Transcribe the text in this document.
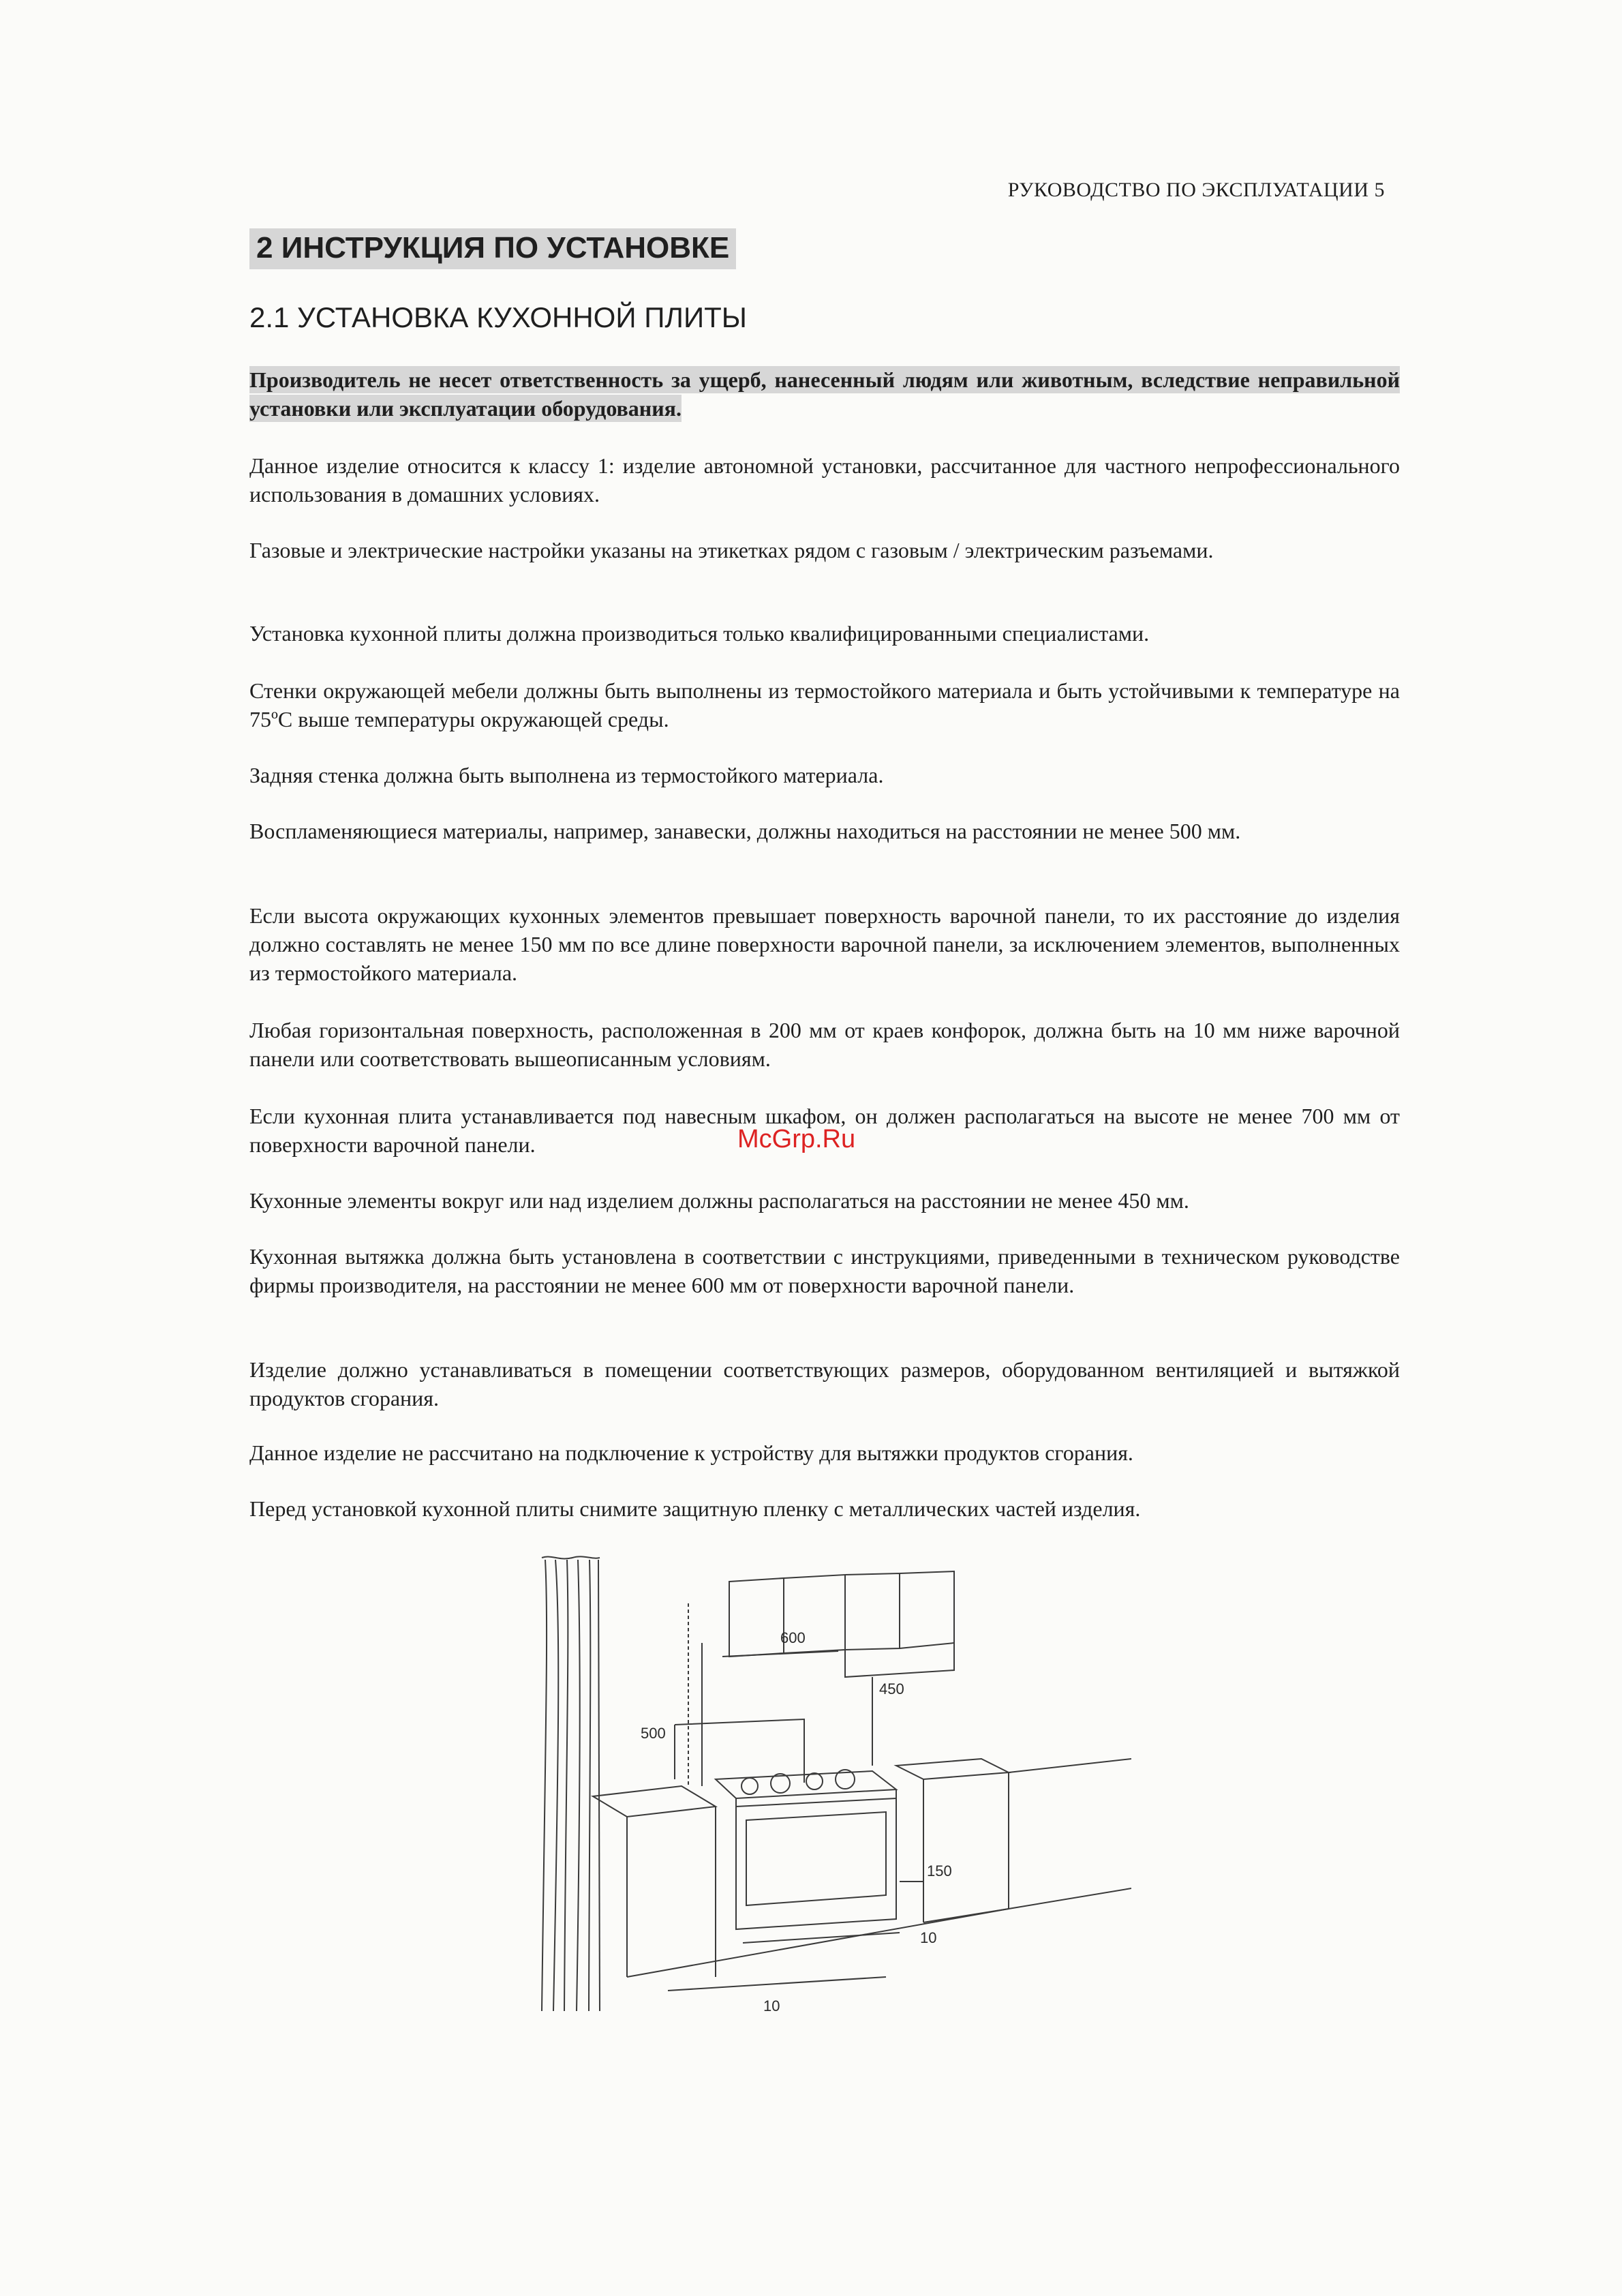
РУКОВОДСТВО ПО ЭКСПЛУАТАЦИИ 5
2 ИНСТРУКЦИЯ ПО УСТАНОВКЕ
2.1 УСТАНОВКА КУХОННОЙ ПЛИТЫ

Производитель не несет ответственность за ущерб, нанесенный людям или животным, вследствие неправильной установки или эксплуатации оборудования.

Данное изделие относится к классу 1: изделие автономной установки, рассчитанное для частного непрофессионального использования в домашних условиях.

Газовые и электрические настройки указаны на этикетках рядом с газовым / электрическим разъемами.

Установка кухонной плиты должна производиться только квалифицированными специалистами.

Стенки окружающей мебели должны быть выполнены из термостойкого материала и быть устойчивыми к температуре на 75ºС выше температуры окружающей среды.

Задняя стенка должна быть выполнена из термостойкого материала.

Воспламеняющиеся материалы, например, занавески, должны находиться на расстоянии не менее 500 мм.

Если высота окружающих кухонных элементов превышает поверхность варочной панели, то их расстояние до изделия должно составлять не менее 150 мм по все длине поверхности варочной панели, за исключением элементов, выполненных из термостойкого материала.

Любая горизонтальная поверхность, расположенная в 200 мм от краев конфорок, должна быть на 10 мм ниже варочной панели или соответствовать вышеописанным условиям.

Если кухонная плита устанавливается под навесным шкафом, он должен располагаться на высоте не менее 700 мм от поверхности варочной панели.

Кухонные элементы вокруг или над изделием должны располагаться на расстоянии не менее 450 мм.

Кухонная вытяжка должна быть установлена в соответствии с инструкциями, приведенными в техническом руководстве фирмы производителя, на расстоянии не менее 600 мм от поверхности варочной панели.

Изделие должно устанавливаться в помещении соответствующих размеров, оборудованном вентиляцией и вытяжкой продуктов сгорания.

Данное изделие не рассчитано на подключение к устройству для вытяжки продуктов сгорания.

Перед установкой кухонной плиты снимите защитную пленку с металлических частей изделия.

600
450
500
150
10
10
McGrp.Ru
